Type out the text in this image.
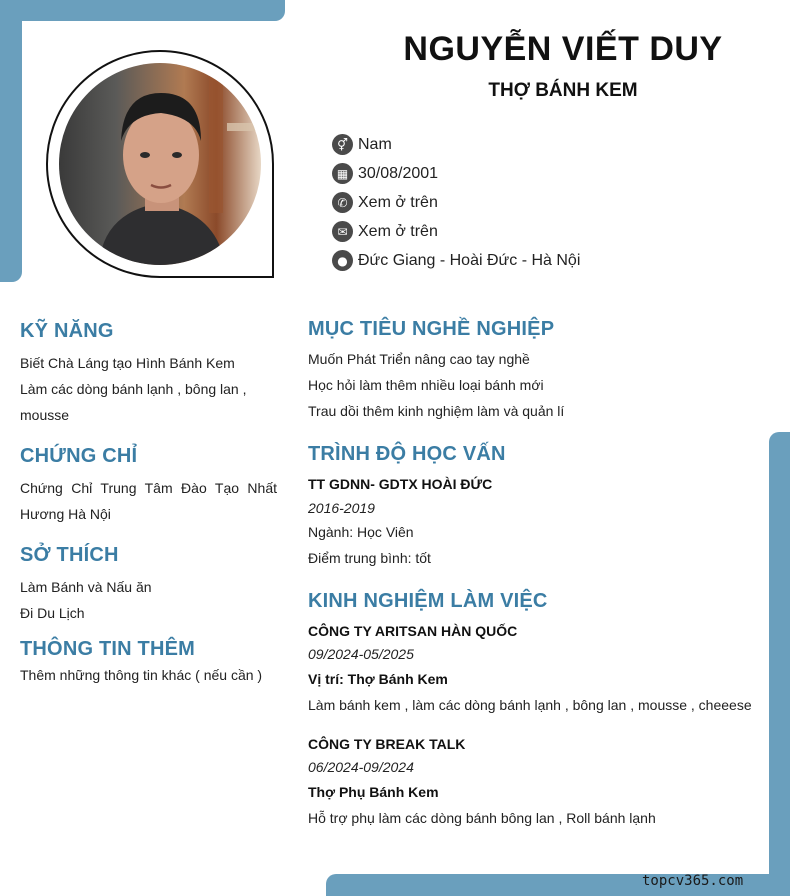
NGUYỄN VIẾT DUY
THỢ BÁNH KEM
⚥ Nam
▦ 30/08/2001
✆ Xem ở trên
✉ Xem ở trên
● Đức Giang - Hoài Đức - Hà Nội
KỸ NĂNG
Biết Chà Láng tạo Hình Bánh Kem
Làm các dòng bánh lạnh , bông lan ,
mousse
CHỨNG CHỈ
Chứng Chỉ Trung Tâm Đào Tạo Nhất
Hương Hà Nội
SỞ THÍCH
Làm Bánh và Nấu ăn
Đi Du Lịch
THÔNG TIN THÊM
Thêm những thông tin khác ( nếu cần )
MỤC TIÊU NGHỀ NGHIỆP
Muốn Phát Triển nâng cao tay nghề
Học hỏi làm thêm nhiều loại bánh mới
Trau dồi thêm kinh nghiệm làm và quản lí
TRÌNH ĐỘ HỌC VẤN
TT GDNN- GDTX HOÀI ĐỨC
2016-2019
Ngành: Học Viên
Điểm trung bình: tốt
KINH NGHIỆM LÀM VIỆC
CÔNG TY ARITSAN HÀN QUỐC
09/2024-05/2025
Vị trí: Thợ Bánh Kem
Làm bánh kem , làm các dòng bánh lạnh , bông lan , mousse , cheeese
CÔNG TY BREAK TALK
06/2024-09/2024
Thợ Phụ Bánh Kem
Hỗ trợ phụ làm các dòng bánh bông lan , Roll bánh lạnh
topcv365.com
